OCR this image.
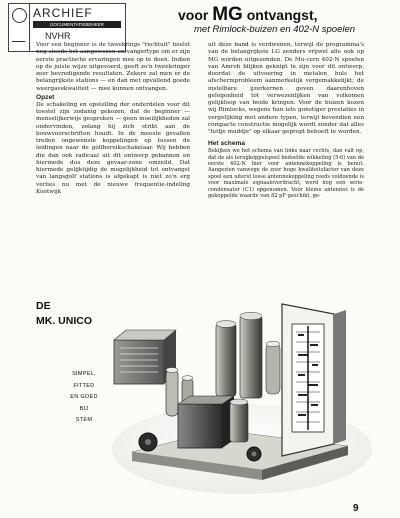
ARCHIEF
DOCUMENTATIEBEHEER
NVHR
voor MG ontvangst,
met Rimlock-buizen en 402-N spoelen

Voor een beginner is de tweekrings "rechtuit" heelst nog steeds het aangewezen ontvangertype om er zijn eerste practische ervaringen mee op te doen. Indien op de juiste wijze uitgevoerd, geeft zo'n tweekringer zeer bevredigende resultaten. Zekere zal men er de belangrijkste stations — en dan met opvallend goede weergavekwaliteit — mee kunnen ontvangen.

Opzet

De schakeling en opstelling der onderdelen voor dit toestel zijn zodanig gekozen, dat de beginner — menselijkerwijs gesproken — geen moeilijkheden zal ondervinden, zolang hij zich strikt aan de bouwvoorschriften houdt. In de meeste gevallen treden ongewenste koppelingen op tussen de leidingen naar de golfbereikschakelaar. Wij hebben die dan ook radicaal uit dit ontwerp gebannen en hiermede dus deze gevaar-zone omzeild. Dat hiermede gelijktijdig de mogelijkheid tot ontvangst van langsgolf stations is afgekapt is niet zo'n erg verlies nu met de nieuwe frequentie-indeling Kootwijk

uit deze band is verdwenen, terwijl de programma's van de belangrijkste LG zenders vrijwel alle ook op MG worden uitgezonden. De Mu-cern 402-N spoelen van Amroh blijken geknipt te zijn voor dit ontwerp, doordat de uitvoering in metalen huls het afschermprobleem aanmerkelijk vergemakkelijkt; de instelbare ijzerkernen geven daarenboven gelegenheid tot verwezenlijken van volkomen gelijkloop van beide kringen. Voor de buizen kozen wij Rimlocks, wegens hun iets gunstiger prestaties in vergelijking met andere typen, terwijl bovendien een compacte constructie mogelijk wordt zonder dat alles "luttje muddje" op elkaar gepropt behoeft te worden.

Het schema

Bekijken we het schema van links naar rechts, dan valt op, dat de als terugkoppelspoel bedoelde wikkeling (5-6) van de eerste 402-N hier voor antennekoppeling is benut. Aangezien vanwege de zeer hoge kwaliteitsfactor van deze spoel een uiterst losse antennekoppeling reeds voldoende is voor maximale signaaloverdracht, werd nog een serie-condensator (C1) opgenomen. Voor kleine antennes is de gekoppelde waarde van 82 pF geschikt, ge-

DE
MK. UNICO
SIMPEL,
FITTED
EN GOED
BIJ
STEM
9
